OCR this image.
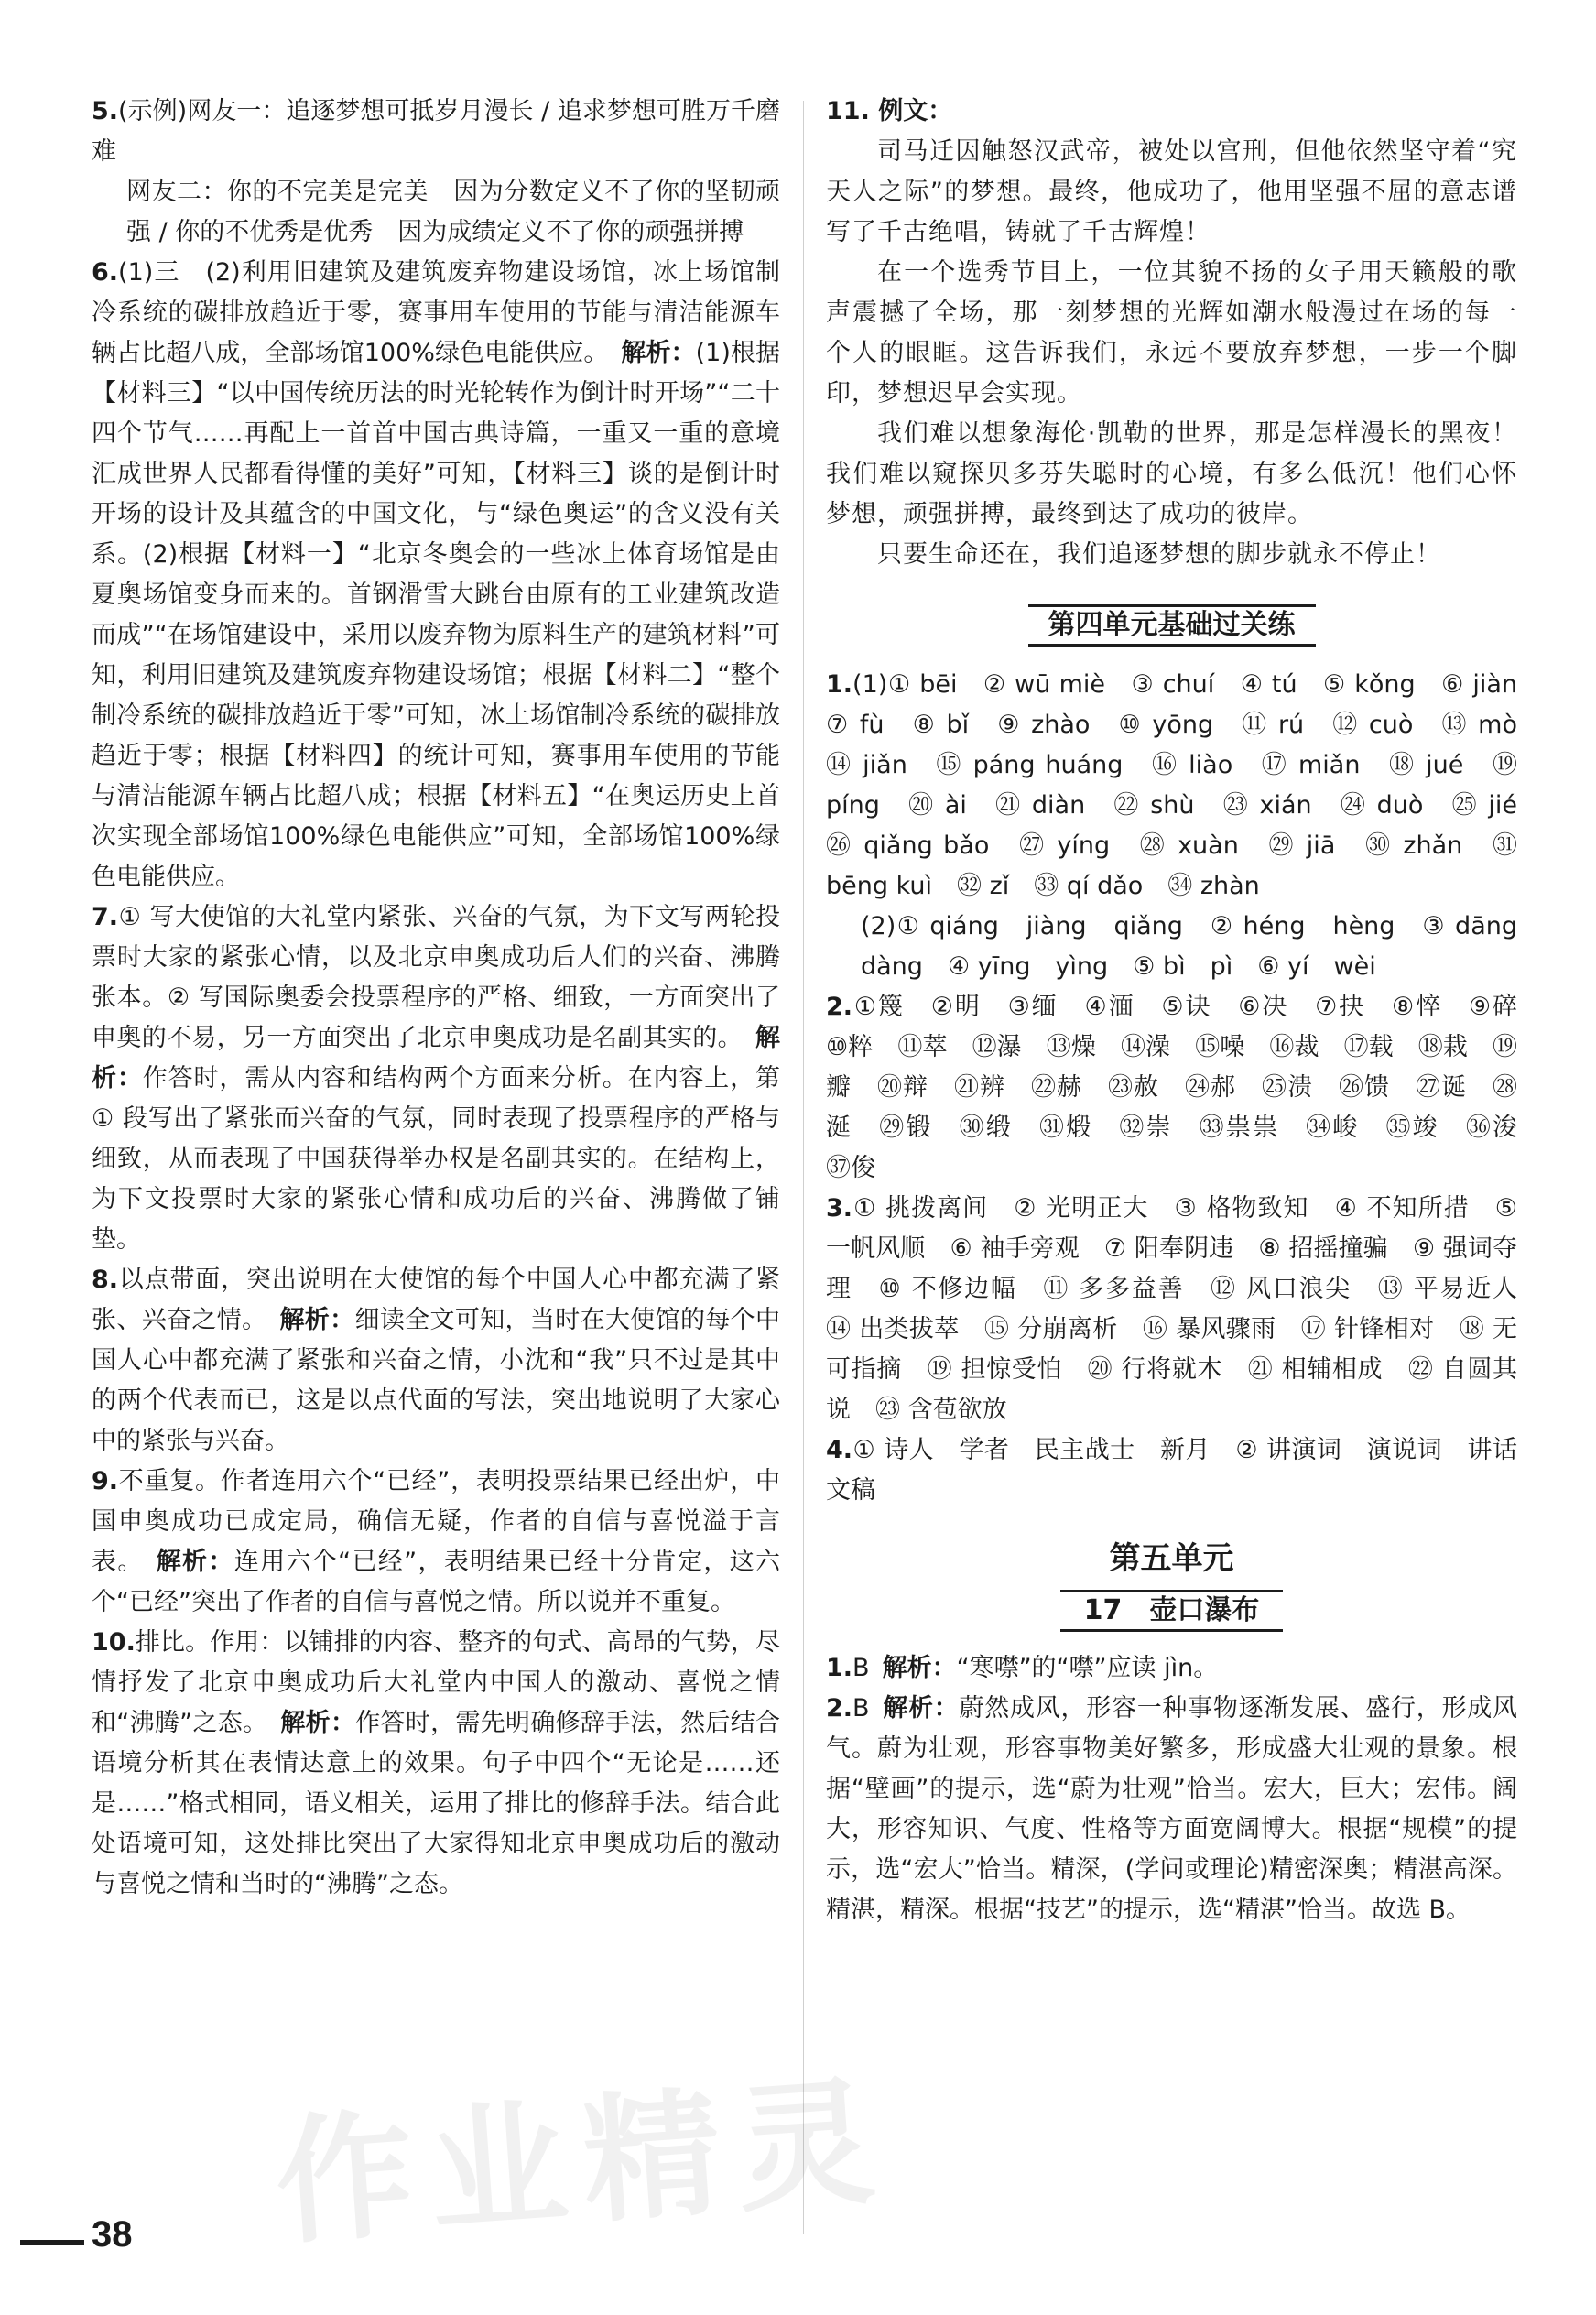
5.(示例)网友一：追逐梦想可抵岁月漫长 / 追求梦想可胜万千磨难

网友二：你的不完美是完美　因为分数定义不了你的坚韧顽强 / 你的不优秀是优秀　因为成绩定义不了你的顽强拼搏

6.(1)三　(2)利用旧建筑及建筑废弃物建设场馆，冰上场馆制冷系统的碳排放趋近于零，赛事用车使用的节能与清洁能源车辆占比超八成，全部场馆100%绿色电能供应。 解析：(1)根据【材料三】“以中国传统历法的时光轮转作为倒计时开场”“二十四个节气……再配上一首首中国古典诗篇，一重又一重的意境汇成世界人民都看得懂的美好”可知，【材料三】谈的是倒计时开场的设计及其蕴含的中国文化，与“绿色奥运”的含义没有关系。(2)根据【材料一】“北京冬奥会的一些冰上体育场馆是由夏奥场馆变身而来的。首钢滑雪大跳台由原有的工业建筑改造而成”“在场馆建设中，采用以废弃物为原料生产的建筑材料”可知，利用旧建筑及建筑废弃物建设场馆；根据【材料二】“整个制冷系统的碳排放趋近于零”可知，冰上场馆制冷系统的碳排放趋近于零；根据【材料四】的统计可知，赛事用车使用的节能与清洁能源车辆占比超八成；根据【材料五】“在奥运历史上首次实现全部场馆100%绿色电能供应”可知，全部场馆100%绿色电能供应。

7.① 写大使馆的大礼堂内紧张、兴奋的气氛，为下文写两轮投票时大家的紧张心情，以及北京申奥成功后人们的兴奋、沸腾张本。② 写国际奥委会投票程序的严格、细致，一方面突出了申奥的不易，另一方面突出了北京申奥成功是名副其实的。 解析：作答时，需从内容和结构两个方面来分析。在内容上，第 ① 段写出了紧张而兴奋的气氛，同时表现了投票程序的严格与细致，从而表现了中国获得举办权是名副其实的。在结构上，为下文投票时大家的紧张心情和成功后的兴奋、沸腾做了铺垫。

8.以点带面，突出说明在大使馆的每个中国人心中都充满了紧张、兴奋之情。 解析：细读全文可知，当时在大使馆的每个中国人心中都充满了紧张和兴奋之情，小沈和“我”只不过是其中的两个代表而已，这是以点代面的写法，突出地说明了大家心中的紧张与兴奋。

9.不重复。作者连用六个“已经”，表明投票结果已经出炉，中国申奥成功已成定局，确信无疑，作者的自信与喜悦溢于言表。 解析：连用六个“已经”，表明结果已经十分肯定，这六个“已经”突出了作者的自信与喜悦之情。所以说并不重复。

10.排比。作用：以铺排的内容、整齐的句式、高昂的气势，尽情抒发了北京申奥成功后大礼堂内中国人的激动、喜悦之情和“沸腾”之态。 解析：作答时，需先明确修辞手法，然后结合语境分析其在表情达意上的效果。句子中四个“无论是……还是……”格式相同，语义相关，运用了排比的修辞手法。结合此处语境可知，这处排比突出了大家得知北京申奥成功后的激动与喜悦之情和当时的“沸腾”之态。

11. 例文：

司马迁因触怒汉武帝，被处以宫刑，但他依然坚守着“究天人之际”的梦想。最终，他成功了，他用坚强不屈的意志谱写了千古绝唱，铸就了千古辉煌！

在一个选秀节目上，一位其貌不扬的女子用天籁般的歌声震撼了全场，那一刻梦想的光辉如潮水般漫过在场的每一个人的眼眶。这告诉我们，永远不要放弃梦想，一步一个脚印，梦想迟早会实现。

我们难以想象海伦·凯勒的世界，那是怎样漫长的黑夜！我们难以窥探贝多芬失聪时的心境，有多么低沉！他们心怀梦想，顽强拼搏，最终到达了成功的彼岸。

只要生命还在，我们追逐梦想的脚步就永不停止！

第四单元基础过关练

1.(1)① bēi　② wū miè　③ chuí　④ tú　⑤ kǒng　⑥ jiàn　⑦ fù　⑧ bǐ　⑨ zhào　⑩ yōng　⑪ rú　⑫ cuò　⑬ mò　⑭ jiǎn　⑮ páng huáng　⑯ liào　⑰ miǎn　⑱ jué　⑲ píng　⑳ ài　㉑ diàn　㉒ shù　㉓ xián　㉔ duò　㉕ jié　㉖ qiǎng bǎo　㉗ yíng　㉘ xuàn　㉙ jiā　㉚ zhǎn　㉛ bēng kuì　㉜ zǐ　㉝ qí dǎo　㉞ zhàn

(2)① qiáng　jiàng　qiǎng　② héng　hèng　③ dāng　dàng　④ yīng　yìng　⑤ bì　pì　⑥ yí　wèi

2.①篾　②明　③缅　④湎　⑤诀　⑥决　⑦抉　⑧悴　⑨碎　⑩粹　⑪萃　⑫瀑　⑬燥　⑭澡　⑮噪　⑯裁　⑰载　⑱栽　⑲瓣　⑳辩　㉑辨　㉒赫　㉓赦　㉔郝　㉕溃　㉖馈　㉗诞　㉘涎　㉙锻　㉚缎　㉛煅　㉜崇　㉝祟祟　㉞峻　㉟竣　㊱浚　㊲俊

3.① 挑拨离间　② 光明正大　③ 格物致知　④ 不知所措　⑤ 一帆风顺　⑥ 袖手旁观　⑦ 阳奉阴违　⑧ 招摇撞骗　⑨ 强词夺理　⑩ 不修边幅　⑪ 多多益善　⑫ 风口浪尖　⑬ 平易近人　⑭ 出类拔萃　⑮ 分崩离析　⑯ 暴风骤雨　⑰ 针锋相对　⑱ 无可指摘　⑲ 担惊受怕　⑳ 行将就木　㉑ 相辅相成　㉒ 自圆其说　㉓ 含苞欲放

4.① 诗人　学者　民主战士　新月　② 讲演词　演说词　讲话文稿

第五单元
17　壶口瀑布

1.B 解析：“寒噤”的“噤”应读 jìn。

2.B 解析：蔚然成风，形容一种事物逐渐发展、盛行，形成风气。蔚为壮观，形容事物美好繁多，形成盛大壮观的景象。根据“壁画”的提示，选“蔚为壮观”恰当。宏大，巨大；宏伟。阔大，形容知识、气度、性格等方面宽阔博大。根据“规模”的提示，选“宏大”恰当。精深，(学问或理论)精密深奥；精湛高深。精湛，精深。根据“技艺”的提示，选“精湛”恰当。故选 B。

38 作业精灵
